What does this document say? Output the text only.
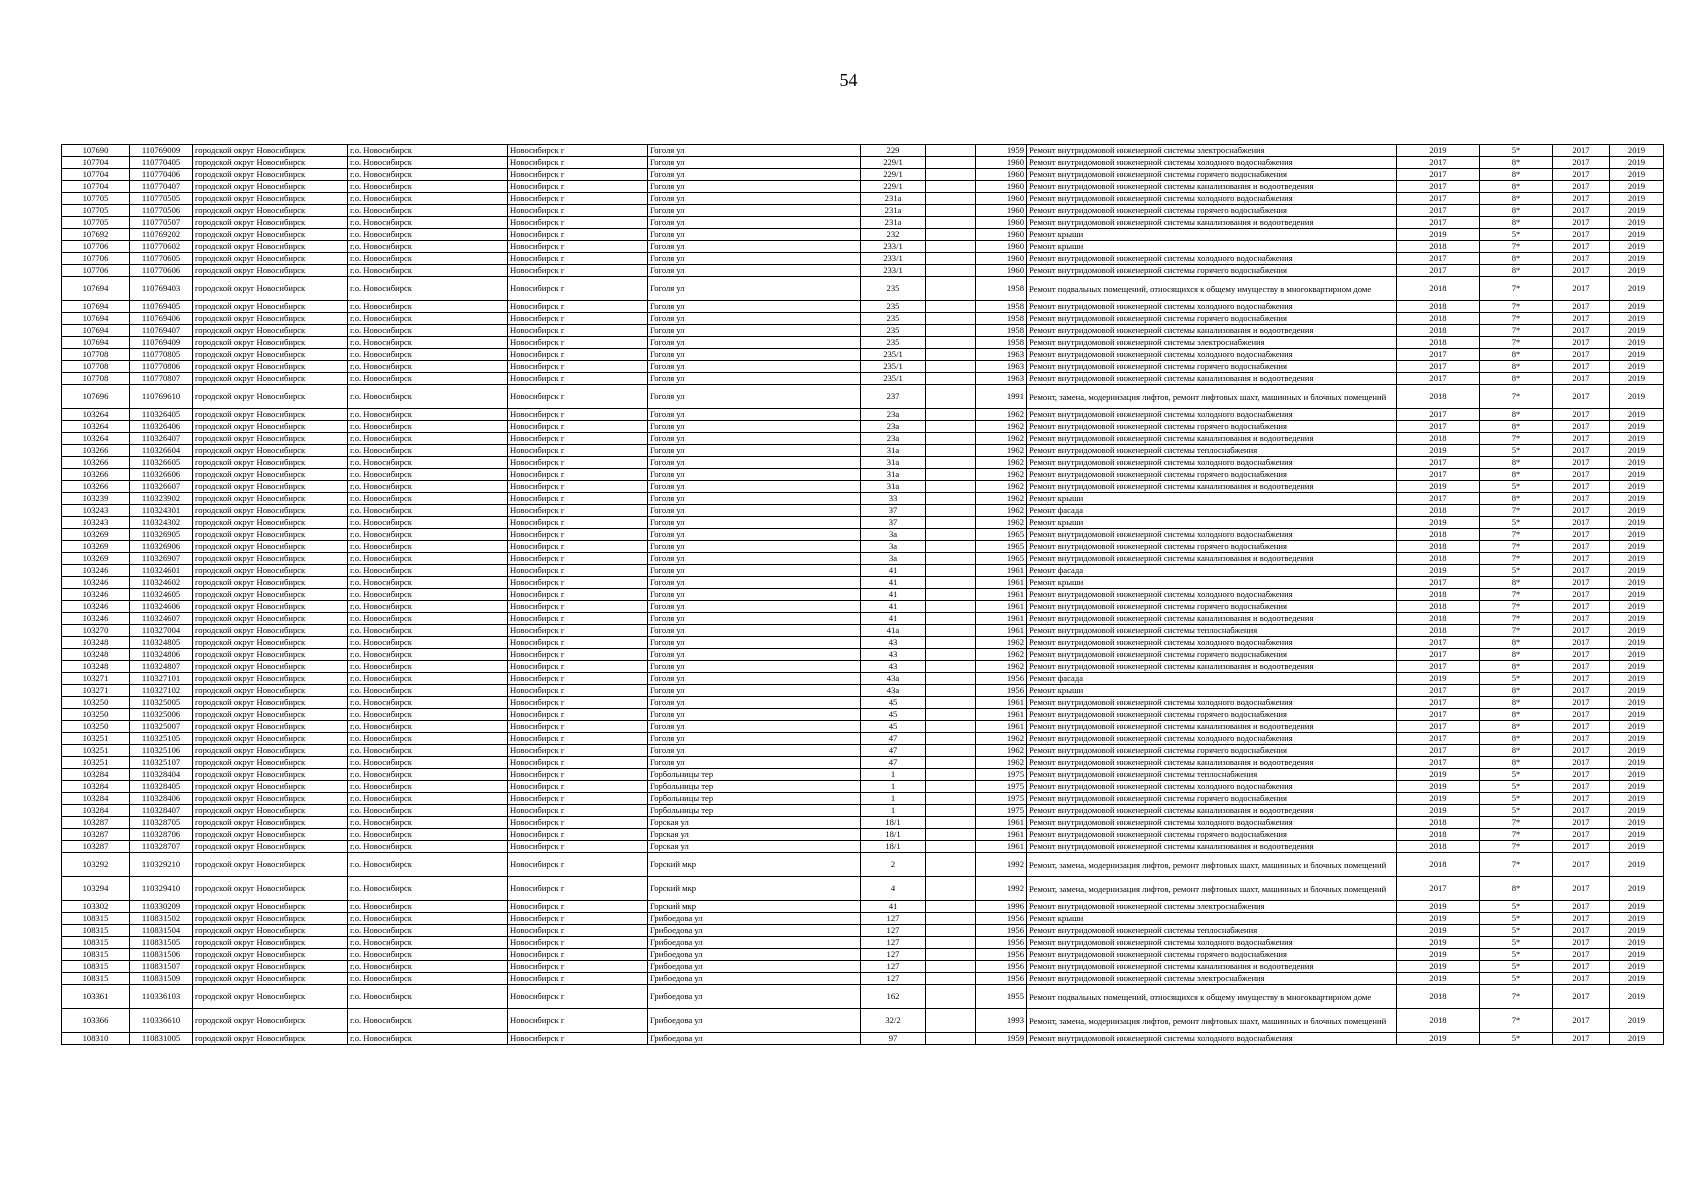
54
107690	110769009	городской округ Новосибирск	г.о. Новосибирск	Новосибирск г	Гоголя ул	229		1959	Ремонт внутридомовой инженерной системы электроснабжения	2019	5*	2017	2019
107704	110770405	городской округ Новосибирск	г.о. Новосибирск	Новосибирск г	Гоголя ул	229/1		1960	Ремонт внутридомовой инженерной системы холодного водоснабжения	2017	8*	2017	2019
107704	110770406	городской округ Новосибирск	г.о. Новосибирск	Новосибирск г	Гоголя ул	229/1		1960	Ремонт внутридомовой инженерной системы горячего водоснабжения	2017	8*	2017	2019
107704	110770407	городской округ Новосибирск	г.о. Новосибирск	Новосибирск г	Гоголя ул	229/1		1960	Ремонт внутридомовой инженерной системы канализования и водоотведения	2017	8*	2017	2019
107705	110770505	городской округ Новосибирск	г.о. Новосибирск	Новосибирск г	Гоголя ул	231а		1960	Ремонт внутридомовой инженерной системы холодного водоснабжения	2017	8*	2017	2019
107705	110770506	городской округ Новосибирск	г.о. Новосибирск	Новосибирск г	Гоголя ул	231а		1960	Ремонт внутридомовой инженерной системы горячего водоснабжения	2017	8*	2017	2019
107705	110770507	городской округ Новосибирск	г.о. Новосибирск	Новосибирск г	Гоголя ул	231а		1960	Ремонт внутридомовой инженерной системы канализования и водоотведения	2017	8*	2017	2019
107692	110769202	городской округ Новосибирск	г.о. Новосибирск	Новосибирск г	Гоголя ул	232		1960	Ремонт крыши	2019	5*	2017	2019
107706	110770602	городской округ Новосибирск	г.о. Новосибирск	Новосибирск г	Гоголя ул	233/1		1960	Ремонт крыши	2018	7*	2017	2019
107706	110770605	городской округ Новосибирск	г.о. Новосибирск	Новосибирск г	Гоголя ул	233/1		1960	Ремонт внутридомовой инженерной системы холодного водоснабжения	2017	8*	2017	2019
107706	110770606	городской округ Новосибирск	г.о. Новосибирск	Новосибирск г	Гоголя ул	233/1		1960	Ремонт внутридомовой инженерной системы горячего водоснабжения	2017	8*	2017	2019
107694	110769403	городской округ Новосибирск	г.о. Новосибирск	Новосибирск г	Гоголя ул	235		1958	Ремонт подвальных помещений, относящихся к общему имуществу в многоквартирном доме	2018	7*	2017	2019
107694	110769405	городской округ Новосибирск	г.о. Новосибирск	Новосибирск г	Гоголя ул	235		1958	Ремонт внутридомовой инженерной системы холодного водоснабжения	2018	7*	2017	2019
107694	110769406	городской округ Новосибирск	г.о. Новосибирск	Новосибирск г	Гоголя ул	235		1958	Ремонт внутридомовой инженерной системы горячего водоснабжения	2018	7*	2017	2019
107694	110769407	городской округ Новосибирск	г.о. Новосибирск	Новосибирск г	Гоголя ул	235		1958	Ремонт внутридомовой инженерной системы канализования и водоотведения	2018	7*	2017	2019
107694	110769409	городской округ Новосибирск	г.о. Новосибирск	Новосибирск г	Гоголя ул	235		1958	Ремонт внутридомовой инженерной системы электроснабжения	2018	7*	2017	2019
107708	110770805	городской округ Новосибирск	г.о. Новосибирск	Новосибирск г	Гоголя ул	235/1		1963	Ремонт внутридомовой инженерной системы холодного водоснабжения	2017	8*	2017	2019
107708	110770806	городской округ Новосибирск	г.о. Новосибирск	Новосибирск г	Гоголя ул	235/1		1963	Ремонт внутридомовой инженерной системы горячего водоснабжения	2017	8*	2017	2019
107708	110770807	городской округ Новосибирск	г.о. Новосибирск	Новосибирск г	Гоголя ул	235/1		1963	Ремонт внутридомовой инженерной системы канализования и водоотведения	2017	8*	2017	2019
107696	110769610	городской округ Новосибирск	г.о. Новосибирск	Новосибирск г	Гоголя ул	237		1991	Ремонт, замена, модернизация лифтов, ремонт лифтовых шахт, машинных и блочных помещений	2018	7*	2017	2019
103264	110326405	городской округ Новосибирск	г.о. Новосибирск	Новосибирск г	Гоголя ул	23а		1962	Ремонт внутридомовой инженерной системы холодного водоснабжения	2017	8*	2017	2019
103264	110326406	городской округ Новосибирск	г.о. Новосибирск	Новосибирск г	Гоголя ул	23а		1962	Ремонт внутридомовой инженерной системы горячего водоснабжения	2017	8*	2017	2019
103264	110326407	городской округ Новосибирск	г.о. Новосибирск	Новосибирск г	Гоголя ул	23а		1962	Ремонт внутридомовой инженерной системы канализования и водоотведения	2018	7*	2017	2019
103266	110326604	городской округ Новосибирск	г.о. Новосибирск	Новосибирск г	Гоголя ул	31а		1962	Ремонт внутридомовой инженерной системы теплоснабжения	2019	5*	2017	2019
103266	110326605	городской округ Новосибирск	г.о. Новосибирск	Новосибирск г	Гоголя ул	31а		1962	Ремонт внутридомовой инженерной системы холодного водоснабжения	2017	8*	2017	2019
103266	110326606	городской округ Новосибирск	г.о. Новосибирск	Новосибирск г	Гоголя ул	31а		1962	Ремонт внутридомовой инженерной системы горячего водоснабжения	2017	8*	2017	2019
103266	110326607	городской округ Новосибирск	г.о. Новосибирск	Новосибирск г	Гоголя ул	31а		1962	Ремонт внутридомовой инженерной системы канализования и водоотведения	2019	5*	2017	2019
103239	110323902	городской округ Новосибирск	г.о. Новосибирск	Новосибирск г	Гоголя ул	33		1962	Ремонт крыши	2017	8*	2017	2019
103243	110324301	городской округ Новосибирск	г.о. Новосибирск	Новосибирск г	Гоголя ул	37		1962	Ремонт фасада	2018	7*	2017	2019
103243	110324302	городской округ Новосибирск	г.о. Новосибирск	Новосибирск г	Гоголя ул	37		1962	Ремонт крыши	2019	5*	2017	2019
103269	110326905	городской округ Новосибирск	г.о. Новосибирск	Новосибирск г	Гоголя ул	3а		1965	Ремонт внутридомовой инженерной системы холодного водоснабжения	2018	7*	2017	2019
103269	110326906	городской округ Новосибирск	г.о. Новосибирск	Новосибирск г	Гоголя ул	3а		1965	Ремонт внутридомовой инженерной системы горячего водоснабжения	2018	7*	2017	2019
103269	110326907	городской округ Новосибирск	г.о. Новосибирск	Новосибирск г	Гоголя ул	3а		1965	Ремонт внутридомовой инженерной системы канализования и водоотведения	2018	7*	2017	2019
103246	110324601	городской округ Новосибирск	г.о. Новосибирск	Новосибирск г	Гоголя ул	41		1961	Ремонт фасада	2019	5*	2017	2019
103246	110324602	городской округ Новосибирск	г.о. Новосибирск	Новосибирск г	Гоголя ул	41		1961	Ремонт крыши	2017	8*	2017	2019
103246	110324605	городской округ Новосибирск	г.о. Новосибирск	Новосибирск г	Гоголя ул	41		1961	Ремонт внутридомовой инженерной системы холодного водоснабжения	2018	7*	2017	2019
103246	110324606	городской округ Новосибирск	г.о. Новосибирск	Новосибирск г	Гоголя ул	41		1961	Ремонт внутридомовой инженерной системы горячего водоснабжения	2018	7*	2017	2019
103246	110324607	городской округ Новосибирск	г.о. Новосибирск	Новосибирск г	Гоголя ул	41		1961	Ремонт внутридомовой инженерной системы канализования и водоотведения	2018	7*	2017	2019
103270	110327004	городской округ Новосибирск	г.о. Новосибирск	Новосибирск г	Гоголя ул	41а		1961	Ремонт внутридомовой инженерной системы теплоснабжения	2018	7*	2017	2019
103248	110324805	городской округ Новосибирск	г.о. Новосибирск	Новосибирск г	Гоголя ул	43		1962	Ремонт внутридомовой инженерной системы холодного водоснабжения	2017	8*	2017	2019
103248	110324806	городской округ Новосибирск	г.о. Новосибирск	Новосибирск г	Гоголя ул	43		1962	Ремонт внутридомовой инженерной системы горячего водоснабжения	2017	8*	2017	2019
103248	110324807	городской округ Новосибирск	г.о. Новосибирск	Новосибирск г	Гоголя ул	43		1962	Ремонт внутридомовой инженерной системы канализования и водоотведения	2017	8*	2017	2019
103271	110327101	городской округ Новосибирск	г.о. Новосибирск	Новосибирск г	Гоголя ул	43а		1956	Ремонт фасада	2019	5*	2017	2019
103271	110327102	городской округ Новосибирск	г.о. Новосибирск	Новосибирск г	Гоголя ул	43а		1956	Ремонт крыши	2017	8*	2017	2019
103250	110325005	городской округ Новосибирск	г.о. Новосибирск	Новосибирск г	Гоголя ул	45		1961	Ремонт внутридомовой инженерной системы холодного водоснабжения	2017	8*	2017	2019
103250	110325006	городской округ Новосибирск	г.о. Новосибирск	Новосибирск г	Гоголя ул	45		1961	Ремонт внутридомовой инженерной системы горячего водоснабжения	2017	8*	2017	2019
103250	110325007	городской округ Новосибирск	г.о. Новосибирск	Новосибирск г	Гоголя ул	45		1961	Ремонт внутридомовой инженерной системы канализования и водоотведения	2017	8*	2017	2019
103251	110325105	городской округ Новосибирск	г.о. Новосибирск	Новосибирск г	Гоголя ул	47		1962	Ремонт внутридомовой инженерной системы холодного водоснабжения	2017	8*	2017	2019
103251	110325106	городской округ Новосибирск	г.о. Новосибирск	Новосибирск г	Гоголя ул	47		1962	Ремонт внутридомовой инженерной системы горячего водоснабжения	2017	8*	2017	2019
103251	110325107	городской округ Новосибирск	г.о. Новосибирск	Новосибирск г	Гоголя ул	47		1962	Ремонт внутридомовой инженерной системы канализования и водоотведения	2017	8*	2017	2019
103284	110328404	городской округ Новосибирск	г.о. Новосибирск	Новосибирск г	Горбольницы тер	1		1975	Ремонт внутридомовой инженерной системы теплоснабжения	2019	5*	2017	2019
103284	110328405	городской округ Новосибирск	г.о. Новосибирск	Новосибирск г	Горбольницы тер	1		1975	Ремонт внутридомовой инженерной системы холодного водоснабжения	2019	5*	2017	2019
103284	110328406	городской округ Новосибирск	г.о. Новосибирск	Новосибирск г	Горбольницы тер	1		1975	Ремонт внутридомовой инженерной системы горячего водоснабжения	2019	5*	2017	2019
103284	110328407	городской округ Новосибирск	г.о. Новосибирск	Новосибирск г	Горбольницы тер	1		1975	Ремонт внутридомовой инженерной системы канализования и водоотведения	2019	5*	2017	2019
103287	110328705	городской округ Новосибирск	г.о. Новосибирск	Новосибирск г	Горская ул	18/1		1961	Ремонт внутридомовой инженерной системы холодного водоснабжения	2018	7*	2017	2019
103287	110328706	городской округ Новосибирск	г.о. Новосибирск	Новосибирск г	Горская ул	18/1		1961	Ремонт внутридомовой инженерной системы горячего водоснабжения	2018	7*	2017	2019
103287	110328707	городской округ Новосибирск	г.о. Новосибирск	Новосибирск г	Горская ул	18/1		1961	Ремонт внутридомовой инженерной системы канализования и водоотведения	2018	7*	2017	2019
103292	110329210	городской округ Новосибирск	г.о. Новосибирск	Новосибирск г	Горский мкр	2		1992	Ремонт, замена, модернизация лифтов, ремонт лифтовых шахт, машинных и блочных помещений	2018	7*	2017	2019
103294	110329410	городской округ Новосибирск	г.о. Новосибирск	Новосибирск г	Горский мкр	4		1992	Ремонт, замена, модернизация лифтов, ремонт лифтовых шахт, машинных и блочных помещений	2017	8*	2017	2019
103302	110330209	городской округ Новосибирск	г.о. Новосибирск	Новосибирск г	Горский мкр	41		1996	Ремонт внутридомовой инженерной системы электроснабжения	2019	5*	2017	2019
108315	110831502	городской округ Новосибирск	г.о. Новосибирск	Новосибирск г	Грибоедова ул	127		1956	Ремонт крыши	2019	5*	2017	2019
108315	110831504	городской округ Новосибирск	г.о. Новосибирск	Новосибирск г	Грибоедова ул	127		1956	Ремонт внутридомовой инженерной системы теплоснабжения	2019	5*	2017	2019
108315	110831505	городской округ Новосибирск	г.о. Новосибирск	Новосибирск г	Грибоедова ул	127		1956	Ремонт внутридомовой инженерной системы холодного водоснабжения	2019	5*	2017	2019
108315	110831506	городской округ Новосибирск	г.о. Новосибирск	Новосибирск г	Грибоедова ул	127		1956	Ремонт внутридомовой инженерной системы горячего водоснабжения	2019	5*	2017	2019
108315	110831507	городской округ Новосибирск	г.о. Новосибирск	Новосибирск г	Грибоедова ул	127		1956	Ремонт внутридомовой инженерной системы канализования и водоотведения	2019	5*	2017	2019
108315	110831509	городской округ Новосибирск	г.о. Новосибирск	Новосибирск г	Грибоедова ул	127		1956	Ремонт внутридомовой инженерной системы электроснабжения	2019	5*	2017	2019
103361	110336103	городской округ Новосибирск	г.о. Новосибирск	Новосибирск г	Грибоедова ул	162		1955	Ремонт подвальных помещений, относящихся к общему имуществу в многоквартирном доме	2018	7*	2017	2019
103366	110336610	городской округ Новосибирск	г.о. Новосибирск	Новосибирск г	Грибоедова ул	32/2		1993	Ремонт, замена, модернизация лифтов, ремонт лифтовых шахт, машинных и блочных помещений	2018	7*	2017	2019
108310	110831005	городской округ Новосибирск	г.о. Новосибирск	Новосибирск г	Грибоедова ул	97		1959	Ремонт внутридомовой инженерной системы холодного водоснабжения	2019	5*	2017	2019
